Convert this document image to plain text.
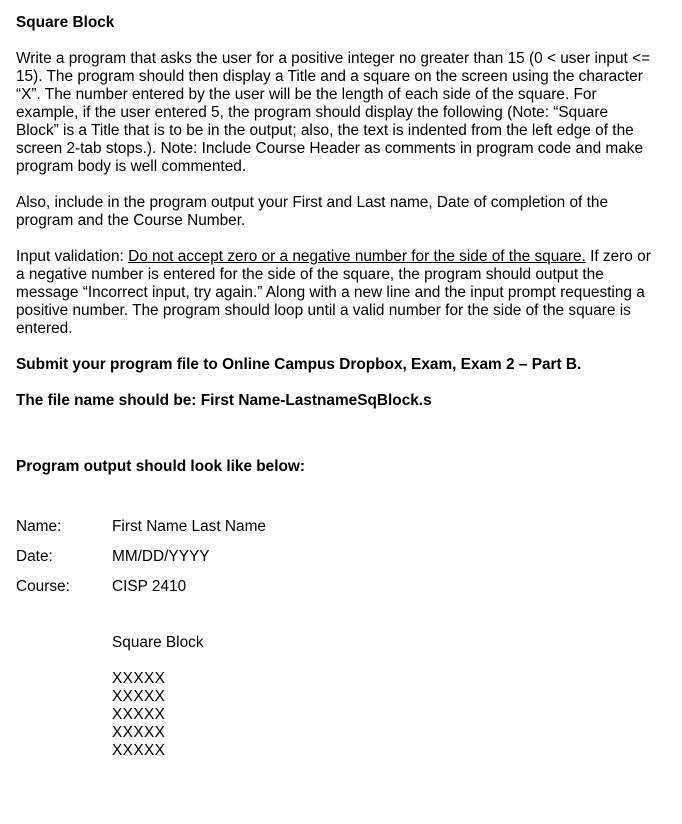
Square Block

Write a program that asks the user for a positive integer no greater than 15 (0 < user input <= 15). The program should then display a Title and a square on the screen using the character “X”. The number entered by the user will be the length of each side of the square. For example, if the user entered 5, the program should display the following (Note: “Square Block” is a Title that is to be in the output; also, the text is indented from the left edge of the screen 2-tab stops.). Note: Include Course Header as comments in program code and make program body is well commented.

Also, include in the program output your First and Last name, Date of completion of the program and the Course Number.

Input validation: Do not accept zero or a negative number for the side of the square. If zero or a negative number is entered for the side of the square, the program should output the message “Incorrect input, try again.” Along with a new line and the input prompt requesting a positive number. The program should loop until a valid number for the side of the square is entered.

Submit your program file to Online Campus Dropbox, Exam, Exam 2 – Part B.

The file name should be: First Name-LastnameSqBlock.s

Program output should look like below:

Name:	First Name Last Name
Date:	MM/DD/YYYY
Course:	CISP 2410
Square Block
XXXXX
XXXXX
XXXXX
XXXXX
XXXXX
